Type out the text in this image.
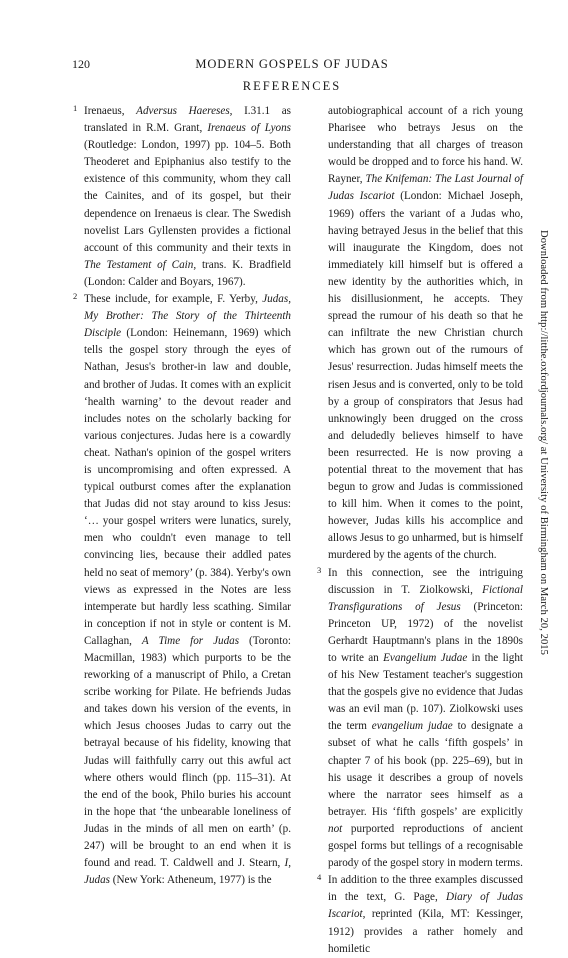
120	MODERN GOSPELS OF JUDAS
REFERENCES

1 Irenaeus, Adversus Haereses, I.31.1 as translated in R.M. Grant, Irenaeus of Lyons (Routledge: London, 1997) pp. 104–5. Both Theoderet and Epiphanius also testify to the existence of this community, whom they call the Cainites, and of its gospel, but their dependence on Irenaeus is clear. The Swedish novelist Lars Gyllensten provides a fictional account of this community and their texts in The Testament of Cain, trans. K. Bradfield (London: Calder and Boyars, 1967).

2 These include, for example, F. Yerby, Judas, My Brother: The Story of the Thirteenth Disciple (London: Heinemann, 1969) which tells the gospel story through the eyes of Nathan, Jesus's brother-in law and double, and brother of Judas. It comes with an explicit ‘health warning’ to the devout reader and includes notes on the scholarly backing for various conjectures. Judas here is a cowardly cheat. Nathan's opinion of the gospel writers is uncompromising and often expressed. A typical outburst comes after the explanation that Judas did not stay around to kiss Jesus: ‘… your gospel writers were lunatics, surely, men who couldn't even manage to tell convincing lies, because their addled pates held no seat of memory’ (p. 384). Yerby's own views as expressed in the Notes are less intemperate but hardly less scathing. Similar in conception if not in style or content is M. Callaghan, A Time for Judas (Toronto: Macmillan, 1983) which purports to be the reworking of a manuscript of Philo, a Cretan scribe working for Pilate. He befriends Judas and takes down his version of the events, in which Jesus chooses Judas to carry out the betrayal because of his fidelity, knowing that Judas will faithfully carry out this awful act where others would flinch (pp. 115–31). At the end of the book, Philo buries his account in the hope that ‘the unbearable loneliness of Judas in the minds of all men on earth’ (p. 247) will be brought to an end when it is found and read. T. Caldwell and J. Stearn, I, Judas (New York: Atheneum, 1977) is the

autobiographical account of a rich young Pharisee who betrays Jesus on the understanding that all charges of treason would be dropped and to force his hand. W. Rayner, The Knifeman: The Last Journal of Judas Iscariot (London: Michael Joseph, 1969) offers the variant of a Judas who, having betrayed Jesus in the belief that this will inaugurate the Kingdom, does not immediately kill himself but is offered a new identity by the authorities which, in his disillusionment, he accepts. They spread the rumour of his death so that he can infiltrate the new Christian church which has grown out of the rumours of Jesus' resurrection. Judas himself meets the risen Jesus and is converted, only to be told by a group of conspirators that Jesus had unknowingly been drugged on the cross and deludedly believes himself to have been resurrected. He is now proving a potential threat to the movement that has begun to grow and Judas is commissioned to kill him. When it comes to the point, however, Judas kills his accomplice and allows Jesus to go unharmed, but is himself murdered by the agents of the church.

3 In this connection, see the intriguing discussion in T. Ziolkowski, Fictional Transfigurations of Jesus (Princeton: Princeton UP, 1972) of the novelist Gerhardt Hauptmann's plans in the 1890s to write an Evangelium Judae in the light of his New Testament teacher's suggestion that the gospels give no evidence that Judas was an evil man (p. 107). Ziolkowski uses the term evangelium judae to designate a subset of what he calls ‘fifth gospels’ in chapter 7 of his book (pp. 225–69), but in his usage it describes a group of novels where the narrator sees himself as a betrayer. His ‘fifth gospels’ are explicitly not purported reproductions of ancient gospel forms but tellings of a recognisable parody of the gospel story in modern terms.

4 In addition to the three examples discussed in the text, G. Page, Diary of Judas Iscariot, reprinted (Kila, MT: Kessinger, 1912) provides a rather homely and homiletic

Downloaded from http://litthe.oxfordjournals.org/ at University of Birmingham on March 20, 2015
